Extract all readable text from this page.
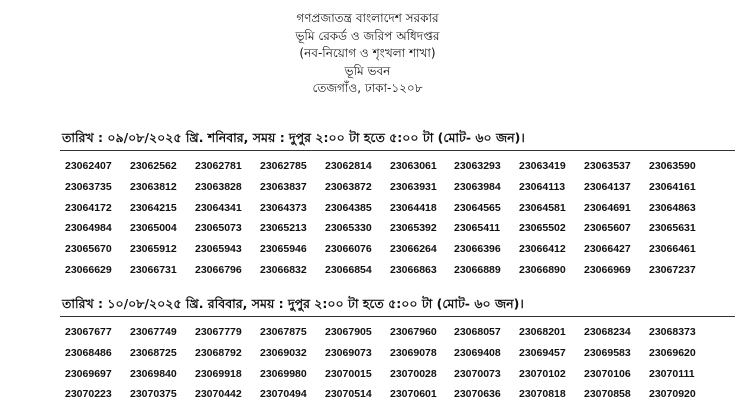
গণপ্রজাতন্ত্র বাংলাদেশ সরকার
ভূমি রেকর্ড ও জরিপ অধিদপ্তর
(নব-নিয়োগ ও শৃংখলা শাখা)
ভূমি ভবন
তেজগাঁও, ঢাকা-১২০৮
তারিখ : ০৯/০৮/২০২৫ খ্রি. শনিবার, সময় : দুপুর ২:০০ টা হতে ৫:০০ টা (মোট- ৬০ জন)।
23062407 23062562 23062781 23062785 23062814 23063061 23063293 23063419 23063537 23063590
23063735 23063812 23063828 23063837 23063872 23063931 23063984 23064113 23064137 23064161
23064172 23064215 23064341 23064373 23064385 23064418 23064565 23064581 23064691 23064863
23064984 23065004 23065073 23065213 23065330 23065392 23065411 23065502 23065607 23065631
23065670 23065912 23065943 23065946 23066076 23066264 23066396 23066412 23066427 23066461
23066629 23066731 23066796 23066832 23066854 23066863 23066889 23066890 23066969 23067237
তারিখ : ১০/০৮/২০২৫ খ্রি. রবিবার, সময় : দুপুর ২:০০ টা হতে ৫:০০ টা (মোট- ৬০ জন)।
23067677 23067749 23067779 23067875 23067905 23067960 23068057 23068201 23068234 23068373
23068486 23068725 23068792 23069032 23069073 23069078 23069408 23069457 23069583 23069620
23069697 23069840 23069918 23069980 23070015 23070028 23070073 23070102 23070106 23070111
23070223 23070375 23070442 23070494 23070514 23070601 23070636 23070818 23070858 23070920
